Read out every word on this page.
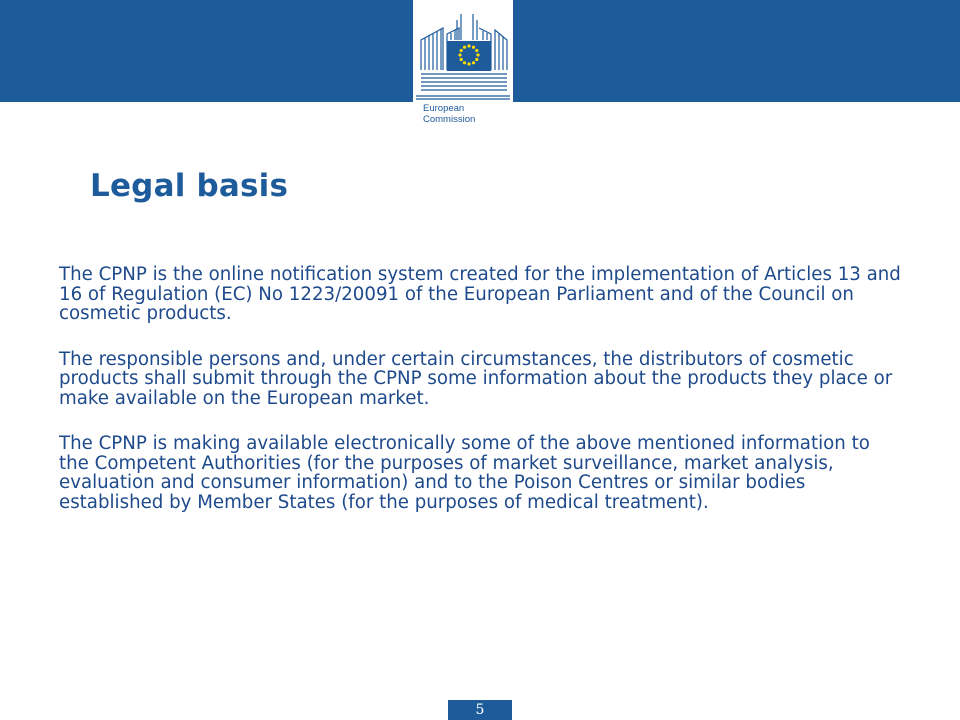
European
Commission
Legal basis

The CPNP is the online notification system created for the implementation of Articles 13 and 16 of Regulation (EC) No 1223/20091 of the European Parliament and of the Council on cosmetic products.

The responsible persons and, under certain circumstances, the distributors of cosmetic products shall submit through the CPNP some information about the products they place or make available on the European market.

The CPNP is making available electronically some of the above mentioned information to the Competent Authorities (for the purposes of market surveillance, market analysis, evaluation and consumer information) and to the Poison Centres or similar bodies established by Member States (for the purposes of medical treatment).

5
